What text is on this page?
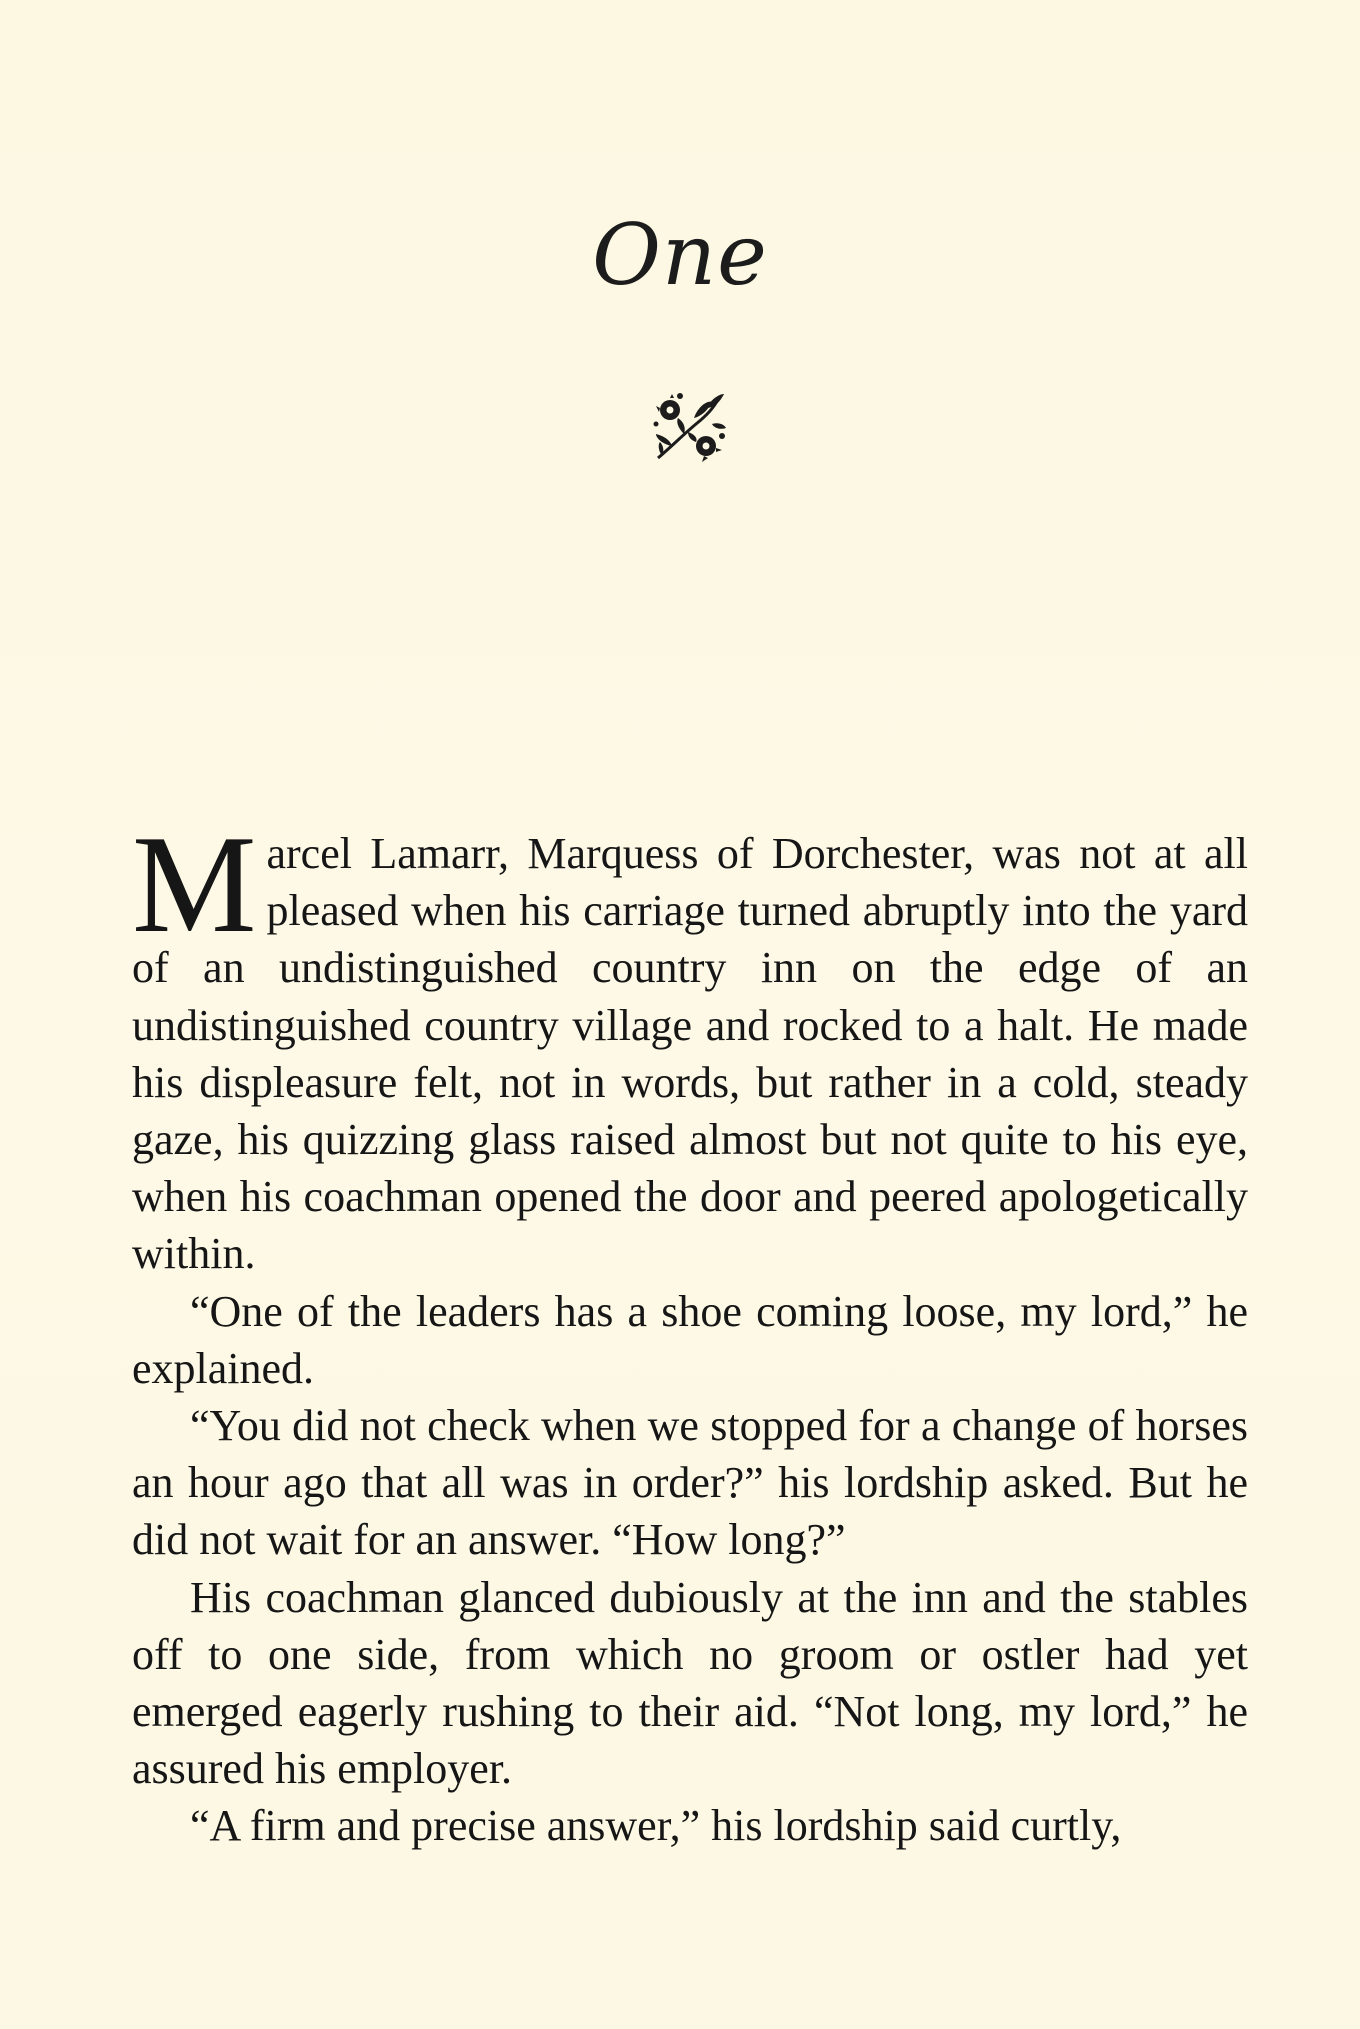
One

Marcel Lamarr, Marquess of Dorchester, was not at all pleased when his carriage turned abruptly into the yard of an undistinguished country inn on the edge of an undistinguished country village and rocked to a halt. He made his displeasure felt, not in words, but rather in a cold, steady gaze, his quizzing glass raised almost but not quite to his eye, when his coachman opened the door and peered apologetically within.

“One of the leaders has a shoe coming loose, my lord,” he explained.

“You did not check when we stopped for a change of horses an hour ago that all was in order?” his lordship asked. But he did not wait for an answer. “How long?”

His coachman glanced dubiously at the inn and the stables off to one side, from which no groom or ostler had yet emerged eagerly rushing to their aid. “Not long, my lord,” he assured his employer.

“A firm and precise answer,” his lordship said curtly,
